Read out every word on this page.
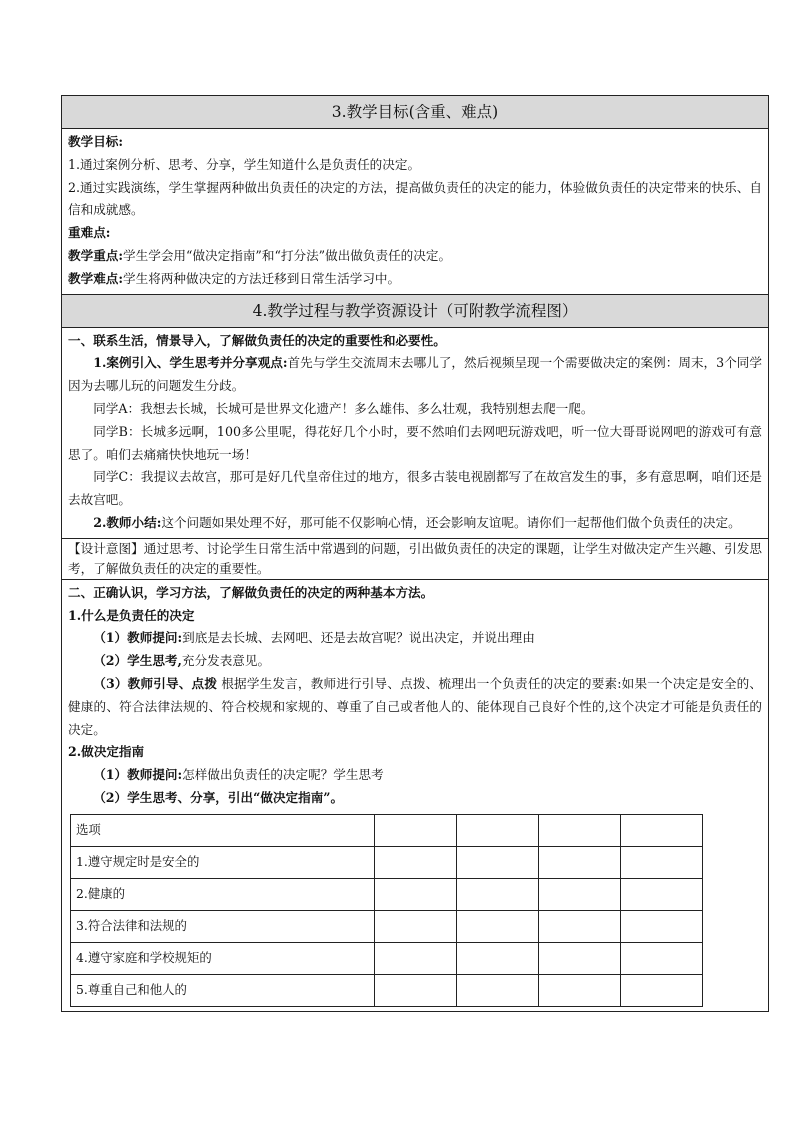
3.教学目标(含重、难点)

教学目标:

1.通过案例分析、思考、分享，学生知道什么是负责任的决定。

2.通过实践演练，学生掌握两种做出负责任的决定的方法，提高做负责任的决定的能力，体验做负责任的决定带来的快乐、自信和成就感。

重难点:

教学重点:学生学会用“做决定指南”和“打分法”做出做负责任的决定。

教学难点:学生将两种做决定的方法迁移到日常生活学习中。

4.教学过程与教学资源设计（可附教学流程图）

一、联系生活，情景导入，了解做负责任的决定的重要性和必要性。

1.案例引入、学生思考并分享观点:首先与学生交流周末去哪儿了，然后视频呈现一个需要做决定的案例：周末，3个同学因为去哪儿玩的问题发生分歧。

同学A：我想去长城，长城可是世界文化遗产！多么雄伟、多么壮观，我特别想去爬一爬。

同学B：长城多远啊，100多公里呢，得花好几个小时，要不然咱们去网吧玩游戏吧，听一位大哥哥说网吧的游戏可有意思了。咱们去痛痛快快地玩一场！

同学C：我提议去故宫，那可是好几代皇帝住过的地方，很多古装电视剧都写了在故宫发生的事，多有意思啊，咱们还是去故宫吧。

2.教师小结:这个问题如果处理不好，那可能不仅影响心情，还会影响友谊呢。请你们一起帮他们做个负责任的决定。

【设计意图】通过思考、讨论学生日常生活中常遇到的问题，引出做负责任的决定的课题，让学生对做决定产生兴趣、引发思考，了解做负责任的决定的重要性。

二、正确认识，学习方法，了解做负责任的决定的两种基本方法。

1.什么是负责任的决定

（1）教师提问:到底是去长城、去网吧、还是去故宫呢？说出决定，并说出理由

（2）学生思考,充分发表意见。

（3）教师引导、点拨 根据学生发言，教师进行引导、点拨、梳理出一个负责任的决定的要素:如果一个决定是安全的、健康的、符合法律法规的、符合校规和家规的、尊重了自己或者他人的、能体现自己良好个性的,这个决定才可能是负责任的决定。

2.做决定指南

（1）教师提问:怎样做出负责任的决定呢？学生思考

（2）学生思考、分享，引出“做决定指南”。

选项				
1.遵守规定时是安全的				
2.健康的				
3.符合法律和法规的				
4.遵守家庭和学校规矩的				
5.尊重自己和他人的				
